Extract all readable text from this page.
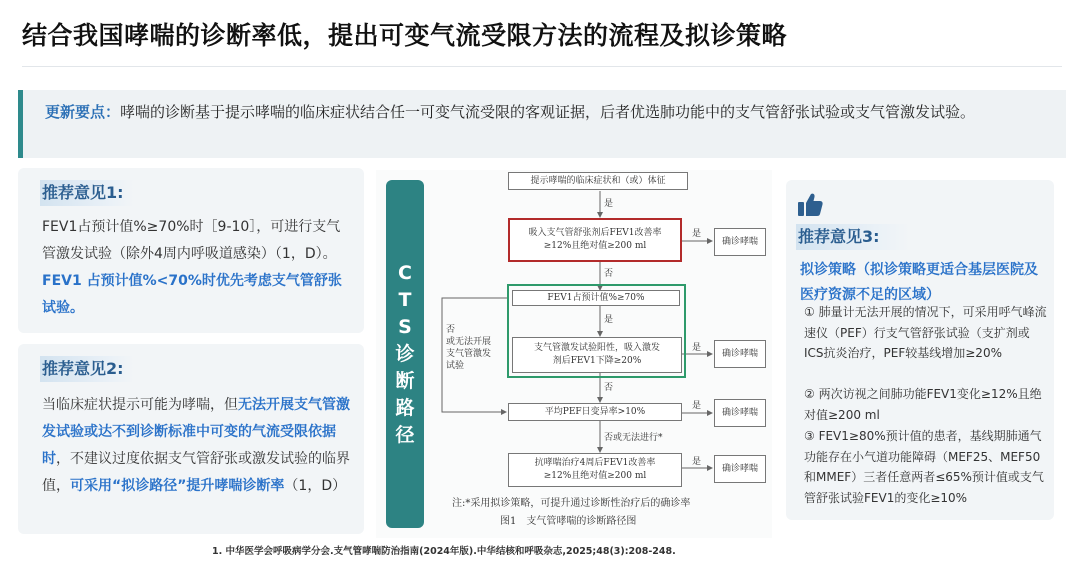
结合我国哮喘的诊断率低，提出可变气流受限方法的流程及拟诊策略
更新要点：哮喘的诊断基于提示哮喘的临床症状结合任一可变气流受限的客观证据，后者优选肺功能中的支气管舒张试验或支气管激发试验。
推荐意见1:
FEV1占预计值%≥70%时［9-10］，可进行支气管激发试验（除外4周内呼吸道感染）（1，D）。FEV1 占预计值%<70%时优先考虑支气管舒张试验。
推荐意见2:
当临床症状提示可能为哮喘，但无法开展支气管激发试验或达不到诊断标准中可变的气流受限依据时，不建议过度依据支气管舒张或激发试验的临界值，可采用“拟诊路径”提升哮喘诊断率（1，D）
C
T
S
诊
断
路
径
提示哮喘的临床症状和（或）体征
是
吸入支气管舒张剂后FEV1改善率
≥12%且绝对值≥200 ml
是
确诊哮喘
否
FEV1占预计值%≥70%
是
否
或无法开展
支气管激发
试验
支气管激发试验阳性，吸入激发
剂后FEV1下降≥20%
是
确诊哮喘
否
平均PEF日变异率>10%
是
确诊哮喘
否或无法进行*
抗哮喘治疗4周后FEV1改善率
≥12%且绝对值≥200 ml
是
确诊哮喘
注:*采用拟诊策略，可提升通过诊断性治疗后的确诊率
图1　支气管哮喘的诊断路径图
推荐意见3:
拟诊策略（拟诊策略更适合基层医院及医疗资源不足的区域）
① 肺量计无法开展的情况下，可采用呼气峰流速仪（PEF）行支气管舒张试验（支扩剂或ICS抗炎治疗，PEF较基线增加≥20%
② 两次访视之间肺功能FEV1变化≥12%且绝对值≥200 ml
③ FEV1≥80%预计值的患者，基线期肺通气功能存在小气道功能障碍（MEF25、MEF50和MMEF）三者任意两者≤65%预计值或支气管舒张试验FEV1的变化≥10%
1. 中华医学会呼吸病学分会.支气管哮喘防治指南(2024年版).中华结核和呼吸杂志,2025;48(3):208-248.
